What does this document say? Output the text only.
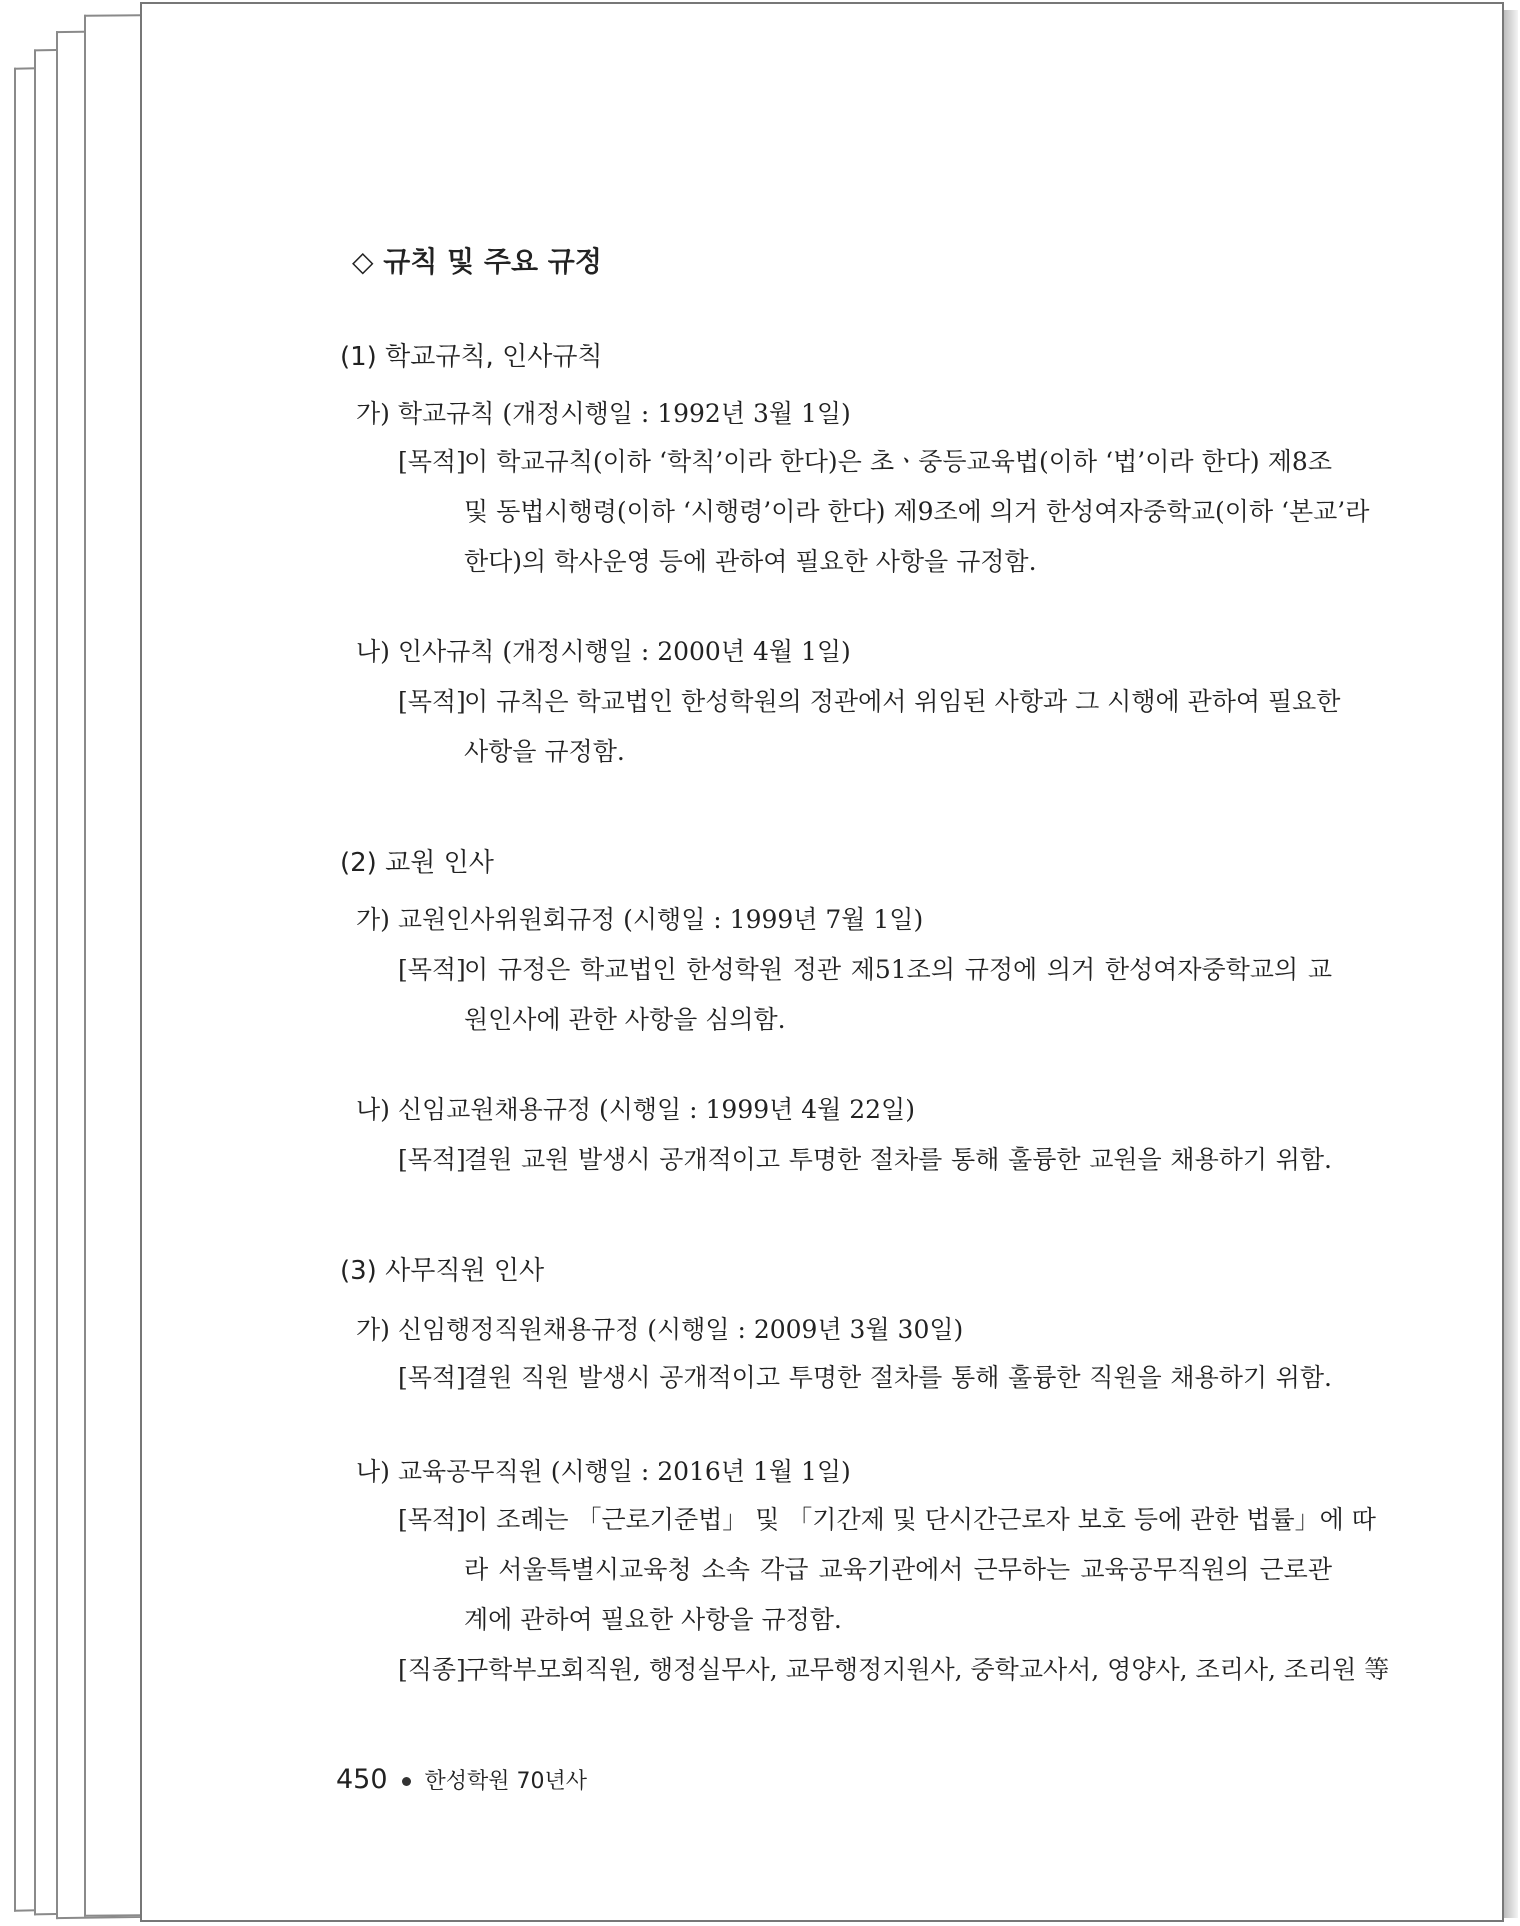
◇ 규칙 및 주요 규정
(1) 학교규칙, 인사규칙
가) 학교규칙 (개정시행일 : 1992년 3월 1일)
[목적]
이 학교규칙(이하 ‘학칙’이라 한다)은 초ㆍ중등교육법(이하 ‘법’이라 한다) 제8조
및 동법시행령(이하 ‘시행령’이라 한다) 제9조에 의거 한성여자중학교(이하 ‘본교’라
한다)의 학사운영 등에 관하여 필요한 사항을 규정함.
나) 인사규칙 (개정시행일 : 2000년 4월 1일)
[목적]
이 규칙은 학교법인 한성학원의 정관에서 위임된 사항과 그 시행에 관하여 필요한
사항을 규정함.
(2) 교원 인사
가) 교원인사위원회규정 (시행일 : 1999년 7월 1일)
[목적]
이 규정은 학교법인 한성학원 정관 제51조의 규정에 의거 한성여자중학교의 교
원인사에 관한 사항을 심의함.
나) 신임교원채용규정 (시행일 : 1999년 4월 22일)
[목적]
결원 교원 발생시 공개적이고 투명한 절차를 통해 훌륭한 교원을 채용하기 위함.
(3) 사무직원 인사
가) 신임행정직원채용규정 (시행일 : 2009년 3월 30일)
[목적]
결원 직원 발생시 공개적이고 투명한 절차를 통해 훌륭한 직원을 채용하기 위함.
나) 교육공무직원 (시행일 : 2016년 1월 1일)
[목적]
이 조례는 「근로기준법」 및 「기간제 및 단시간근로자 보호 등에 관한 법률」에 따
라 서울특별시교육청 소속 각급 교육기관에서 근무하는 교육공무직원의 근로관
계에 관하여 필요한 사항을 규정함.
[직종]
구학부모회직원, 행정실무사, 교무행정지원사, 중학교사서, 영양사, 조리사, 조리원 等
450 한성학원 70년사
